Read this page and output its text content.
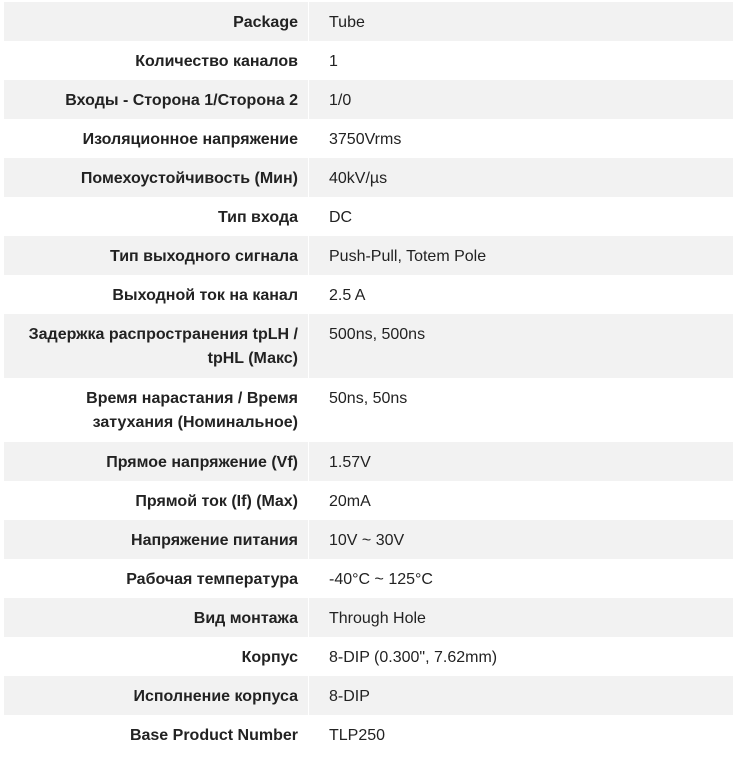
Package Tube
Количество каналов 1
Входы - Сторона 1/Сторона 2 1/0
Изоляционное напряжение 3750Vrms
Помехоустойчивость (Мин) 40kV/µs
Тип входа DC
Тип выходного сигнала Push-Pull, Totem Pole
Выходной ток на канал 2.5 A
Задержка распространения tpLH / tpHL (Макс)
500ns, 500ns
Время нарастания / Время затухания (Номинальное)
50ns, 50ns
Прямое напряжение (Vf) 1.57V
Прямой ток (If) (Max) 20mA
Напряжение питания 10V ~ 30V
Рабочая температура -40°C ~ 125°C
Вид монтажа Through Hole
Корпус 8-DIP (0.300", 7.62mm)
Исполнение корпуса 8-DIP
Base Product Number TLP250
